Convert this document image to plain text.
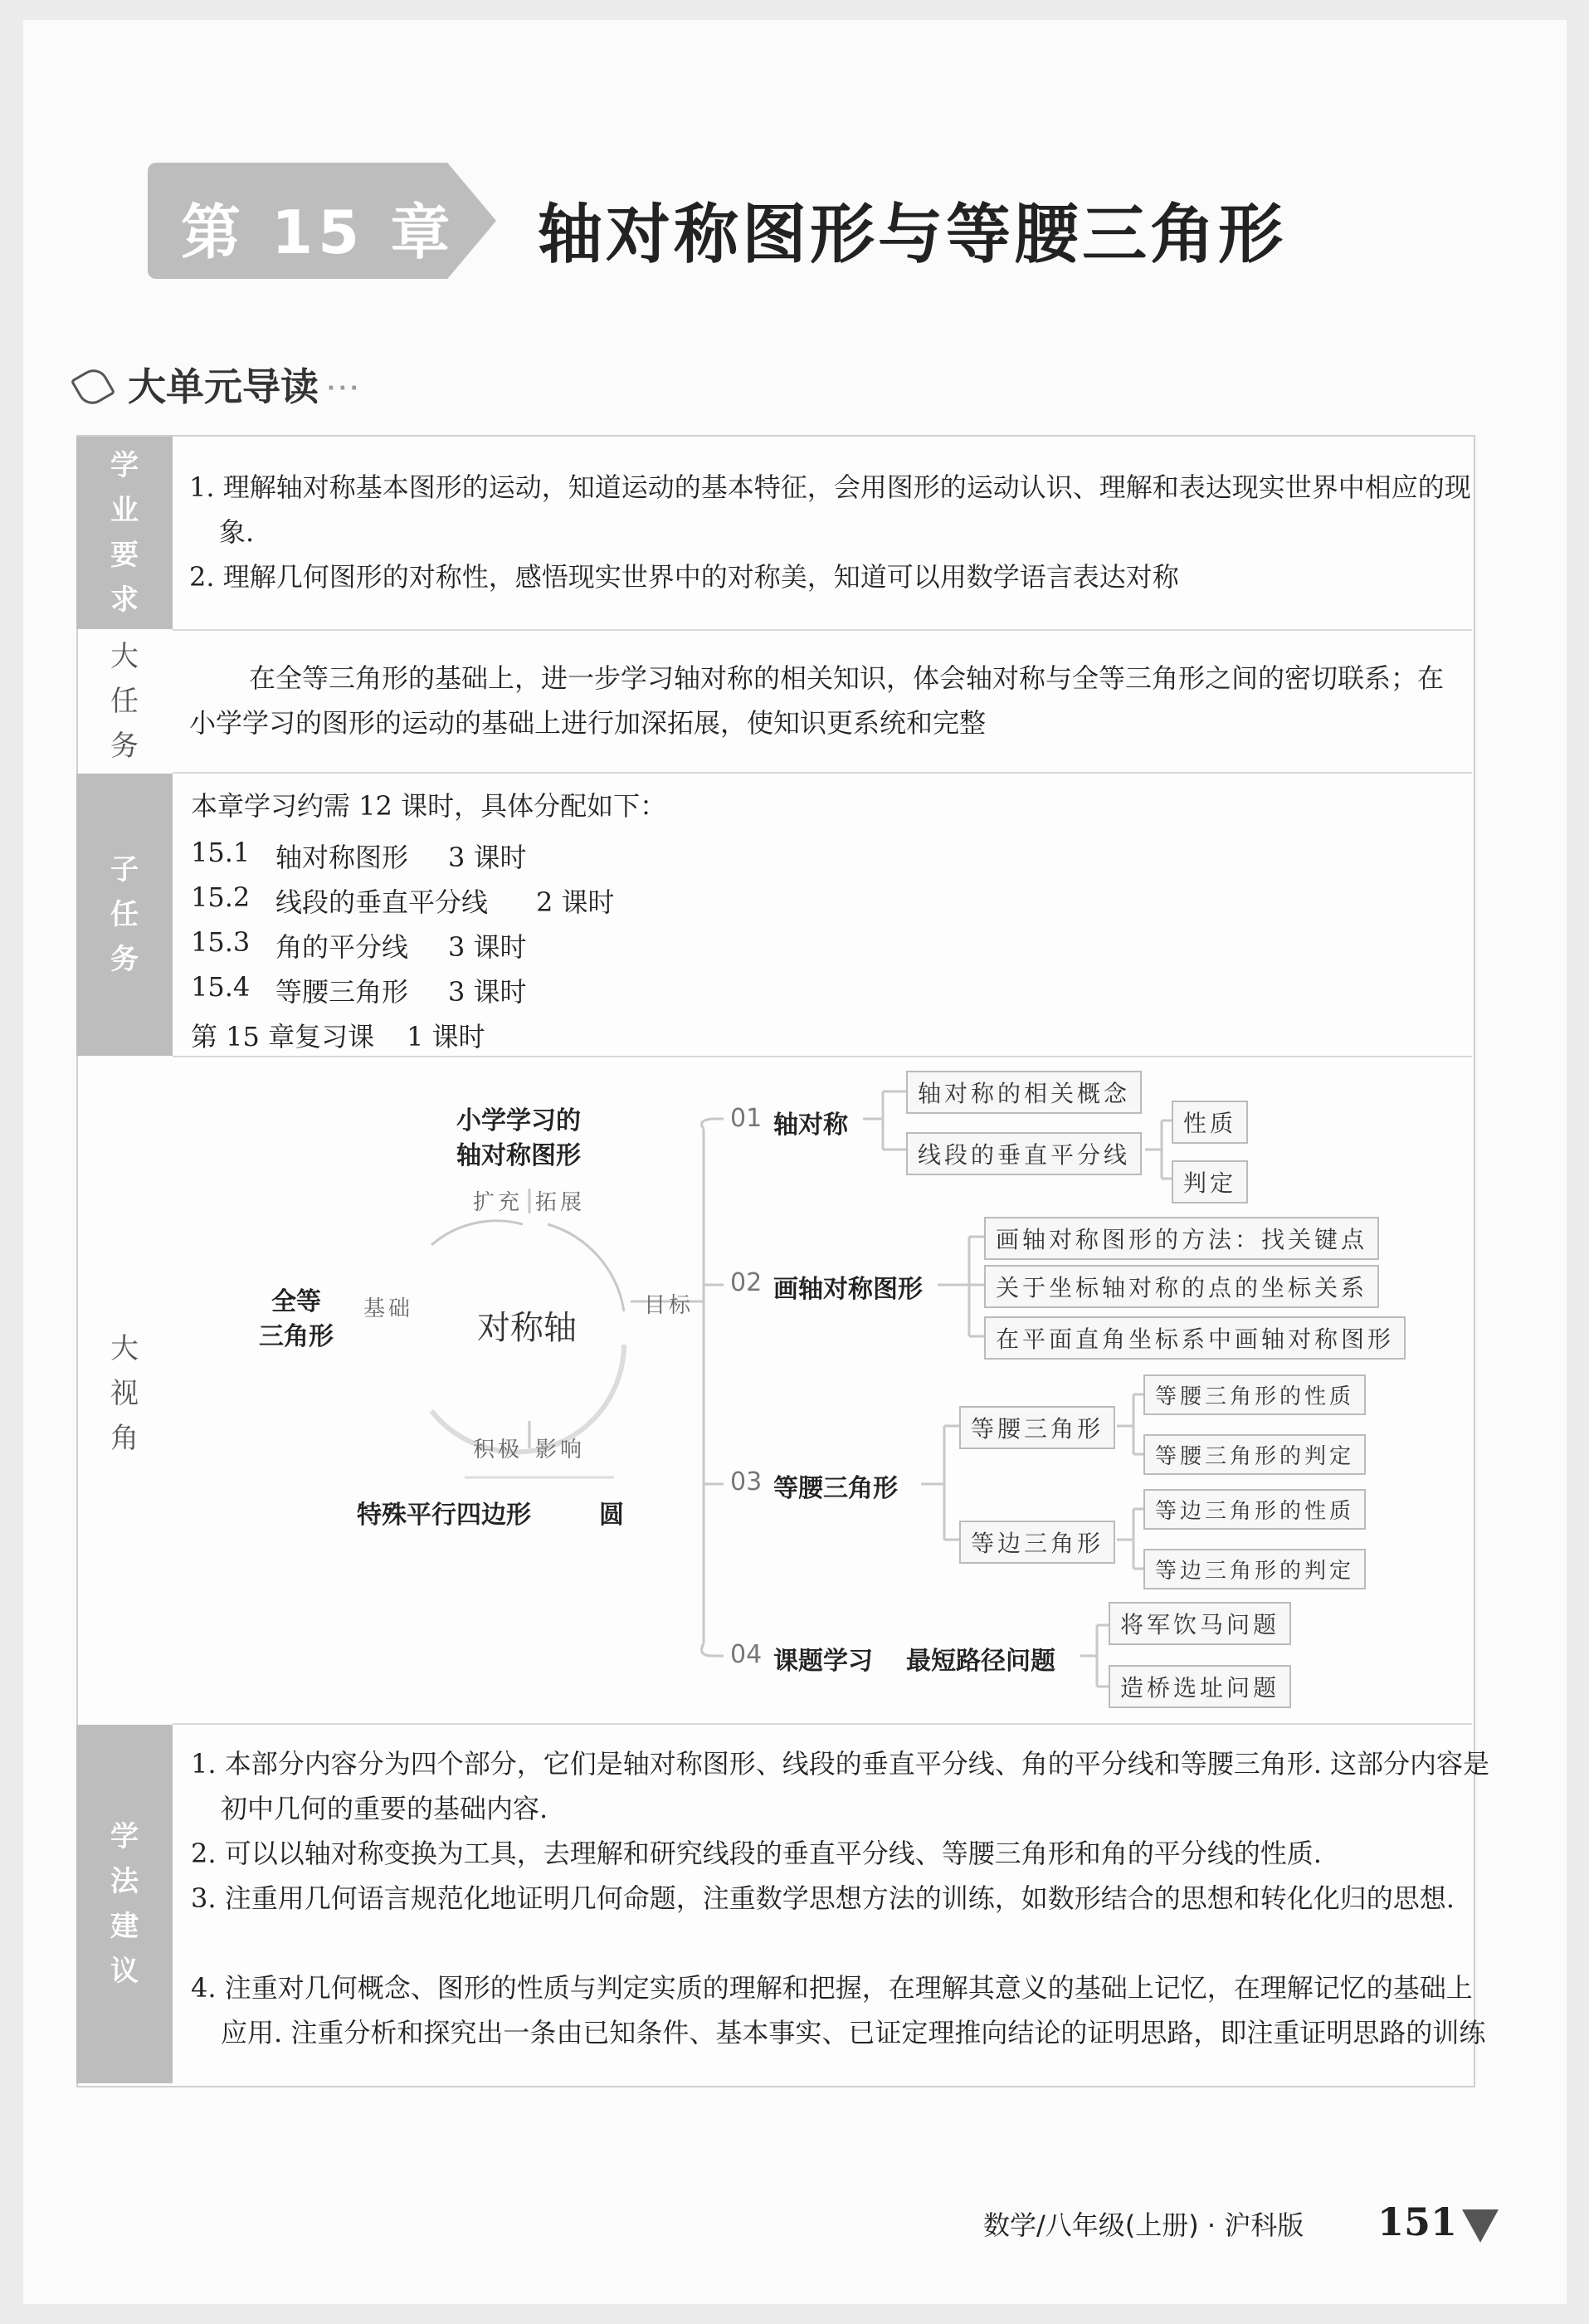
第 15 章 轴对称图形与等腰三角形
大单元导读 ···
学
业
要
求
1. 理解轴对称基本图形的运动，知道运动的基本特征，会用图形的运动认识、理解和表达现实世界中相应的现象.
2. 理解几何图形的对称性，感悟现实世界中的对称美，知道可以用数学语言表达对称
大
任
务
在全等三角形的基础上，进一步学习轴对称的相关知识，体会轴对称与全等三角形之间的密切联系；在小学学习的图形的运动的基础上进行加深拓展，使知识更系统和完整
子
任
务
本章学习约需 12 课时，具体分配如下：
15.1 轴对称图形 3 课时
15.2 线段的垂直平分线 2 课时
15.3 角的平分线 3 课时
15.4 等腰三角形 3 课时
第 15 章复习课 1 课时
大
视
角
对称轴
小学学习的
轴对称图形
扩充 拓展
全等
三角形
基础	目标
积极 影响
特殊平行四边形	圆
01 轴对称
轴对称的相关概念
线段的垂直平分线
性质
判定
02 画轴对称图形
画轴对称图形的方法：找关键点
关于坐标轴对称的点的坐标关系
在平面直角坐标系中画轴对称图形
03 等腰三角形
等腰三角形
等边三角形
等腰三角形的性质
等腰三角形的判定
等边三角形的性质
等边三角形的判定
04 课题学习 最短路径问题
将军饮马问题
造桥选址问题
学
法
建
议
1. 本部分内容分为四个部分，它们是轴对称图形、线段的垂直平分线、角的平分线和等腰三角形. 这部分内容是初中几何的重要的基础内容.
2. 可以以轴对称变换为工具，去理解和研究线段的垂直平分线、等腰三角形和角的平分线的性质.
3. 注重用几何语言规范化地证明几何命题，注重数学思想方法的训练，如数形结合的思想和转化化归的思想.
4. 注重对几何概念、图形的性质与判定实质的理解和把握，在理解其意义的基础上记忆，在理解记忆的基础上应用. 注重分析和探究出一条由已知条件、基本事实、已证定理推向结论的证明思路，即注重证明思路的训练
数学/八年级(上册) · 沪科版 151
